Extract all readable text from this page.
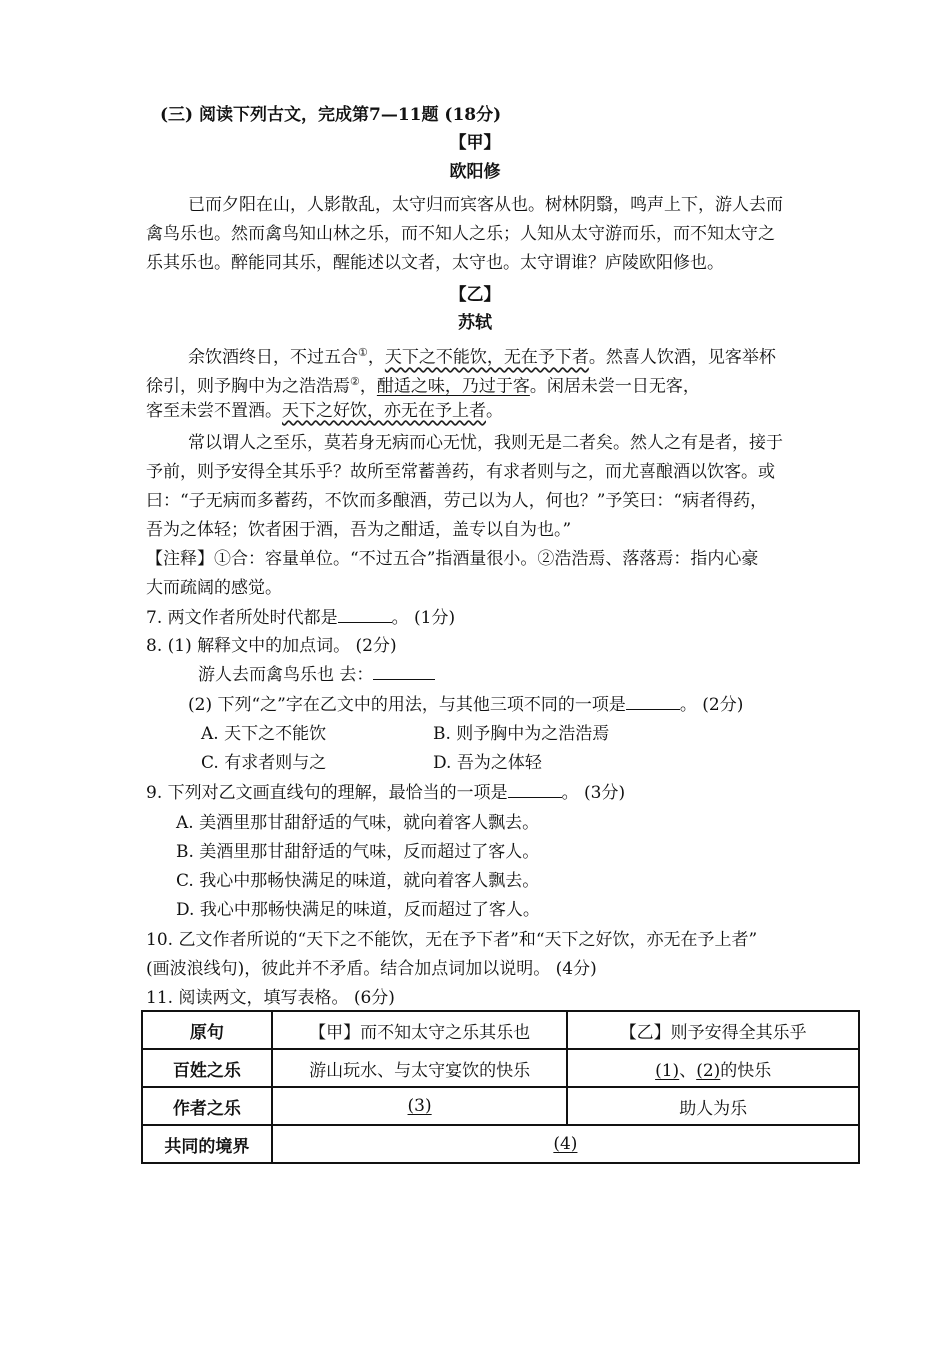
(三) 阅读下列古文，完成第7—11题 (18分)
【甲】
欧阳修
已而夕阳在山，人影散乱，太守归而宾客从也。树林阴翳，鸣声上下，游人去而
禽鸟乐也。然而禽鸟知山林之乐，而不知人之乐；人知从太守游而乐，而不知太守之
乐其乐也。醉能同其乐，醒能述以文者，太守也。太守谓谁？庐陵欧阳修也。
【乙】
苏轼
余饮酒终日，不过五合①，天下之不能饮，无在予下者。然喜人饮酒，见客举杯
徐引，则予胸中为之浩浩焉②，酣适之味，乃过于客。闲居未尝一日无客，
客至未尝不置酒。天下之好饮，亦无在予上者。
常以谓人之至乐，莫若身无病而心无忧，我则无是二者矣。然人之有是者，接于
予前，则予安得全其乐乎？故所至常蓄善药，有求者则与之，而尤喜酿酒以饮客。或
曰：“子无病而多蓄药，不饮而多酿酒，劳己以为人，何也？”予笑曰：“病者得药，
吾为之体轻；饮者困于酒，吾为之酣适，盖专以自为也。”
【注释】①合：容量单位。“不过五合”指酒量很小。②浩浩焉、落落焉：指内心豪
大而疏阔的感觉。
7. 两文作者所处时代都是	。 (1分)
8. (1) 解释文中的加点词。 (2分)
游人去而禽鸟乐也 去：
(2) 下列“之”字在乙文中的用法，与其他三项不同的一项是	。 (2分)
A. 天下之不能饮	B. 则予胸中为之浩浩焉
C. 有求者则与之	D. 吾为之体轻
9. 下列对乙文画直线句的理解，最恰当的一项是	。 (3分)
A. 美酒里那甘甜舒适的气味，就向着客人飘去。
B. 美酒里那甘甜舒适的气味，反而超过了客人。
C. 我心中那畅快满足的味道，就向着客人飘去。
D. 我心中那畅快满足的味道，反而超过了客人。
10. 乙文作者所说的“天下之不能饮，无在予下者”和“天下之好饮，亦无在予上者”
(画波浪线句)，彼此并不矛盾。结合加点词加以说明。 (4分)
11. 阅读两文，填写表格。 (6分)
原句	【甲】而不知太守之乐其乐也	【乙】则予安得全其乐乎
百姓之乐	游山玩水、与太守宴饮的快乐	(1)、(2)的快乐
作者之乐	(3)	助人为乐
共同的境界	(4)	
